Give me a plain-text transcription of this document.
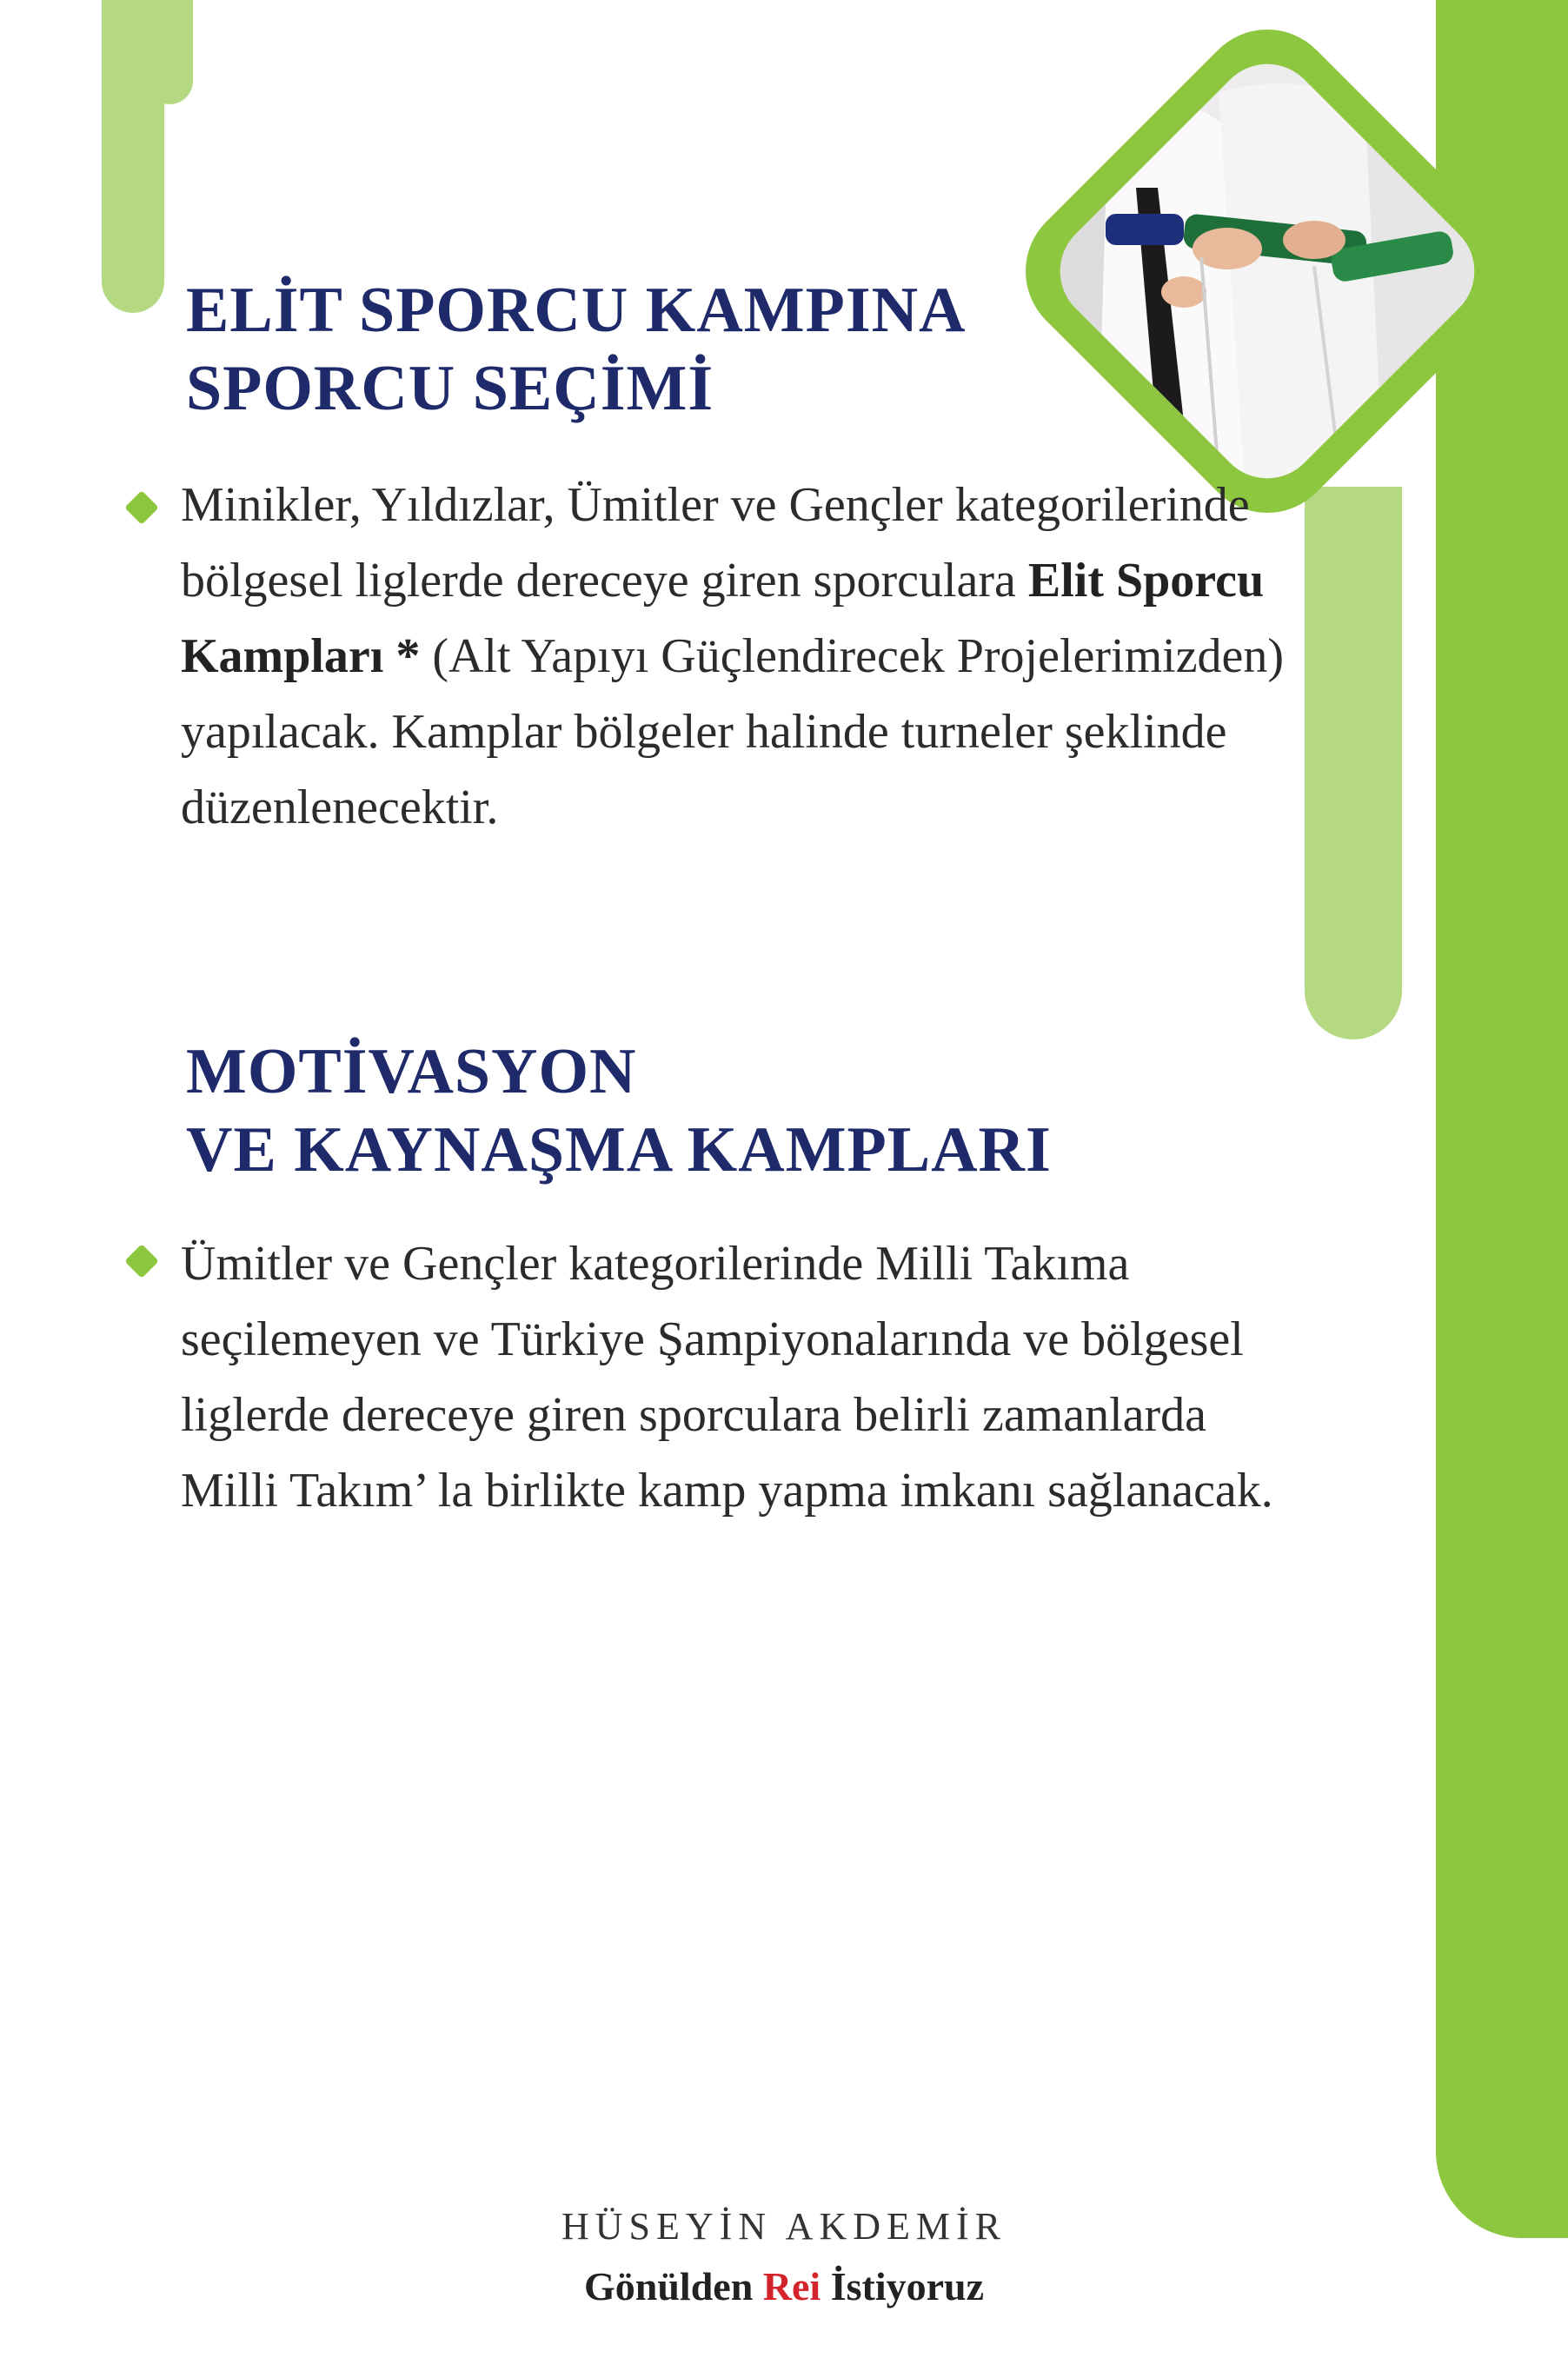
ELİT SPORCU KAMPINA
SPORCU SEÇİMİ

Minikler, Yıldızlar, Ümitler ve Gençler kategorilerinde bölgesel liglerde dereceye giren sporculara Elit Sporcu Kampları * (Alt Yapıyı Güçlendirecek Projelerimizden) yapılacak. Kamplar bölgeler halinde turneler şeklinde düzenlenecektir.

MOTİVASYON
VE KAYNAŞMA KAMPLARI

Ümitler ve Gençler kategorilerinde Milli Takıma seçilemeyen ve Türkiye Şampiyonalarında ve bölgesel liglerde dereceye giren sporculara belirli zamanlarda Milli Takım’ la birlikte kamp yapma imkanı sağlanacak.

HÜSEYİN AKDEMİR
Gönülden Rei İstiyoruz
